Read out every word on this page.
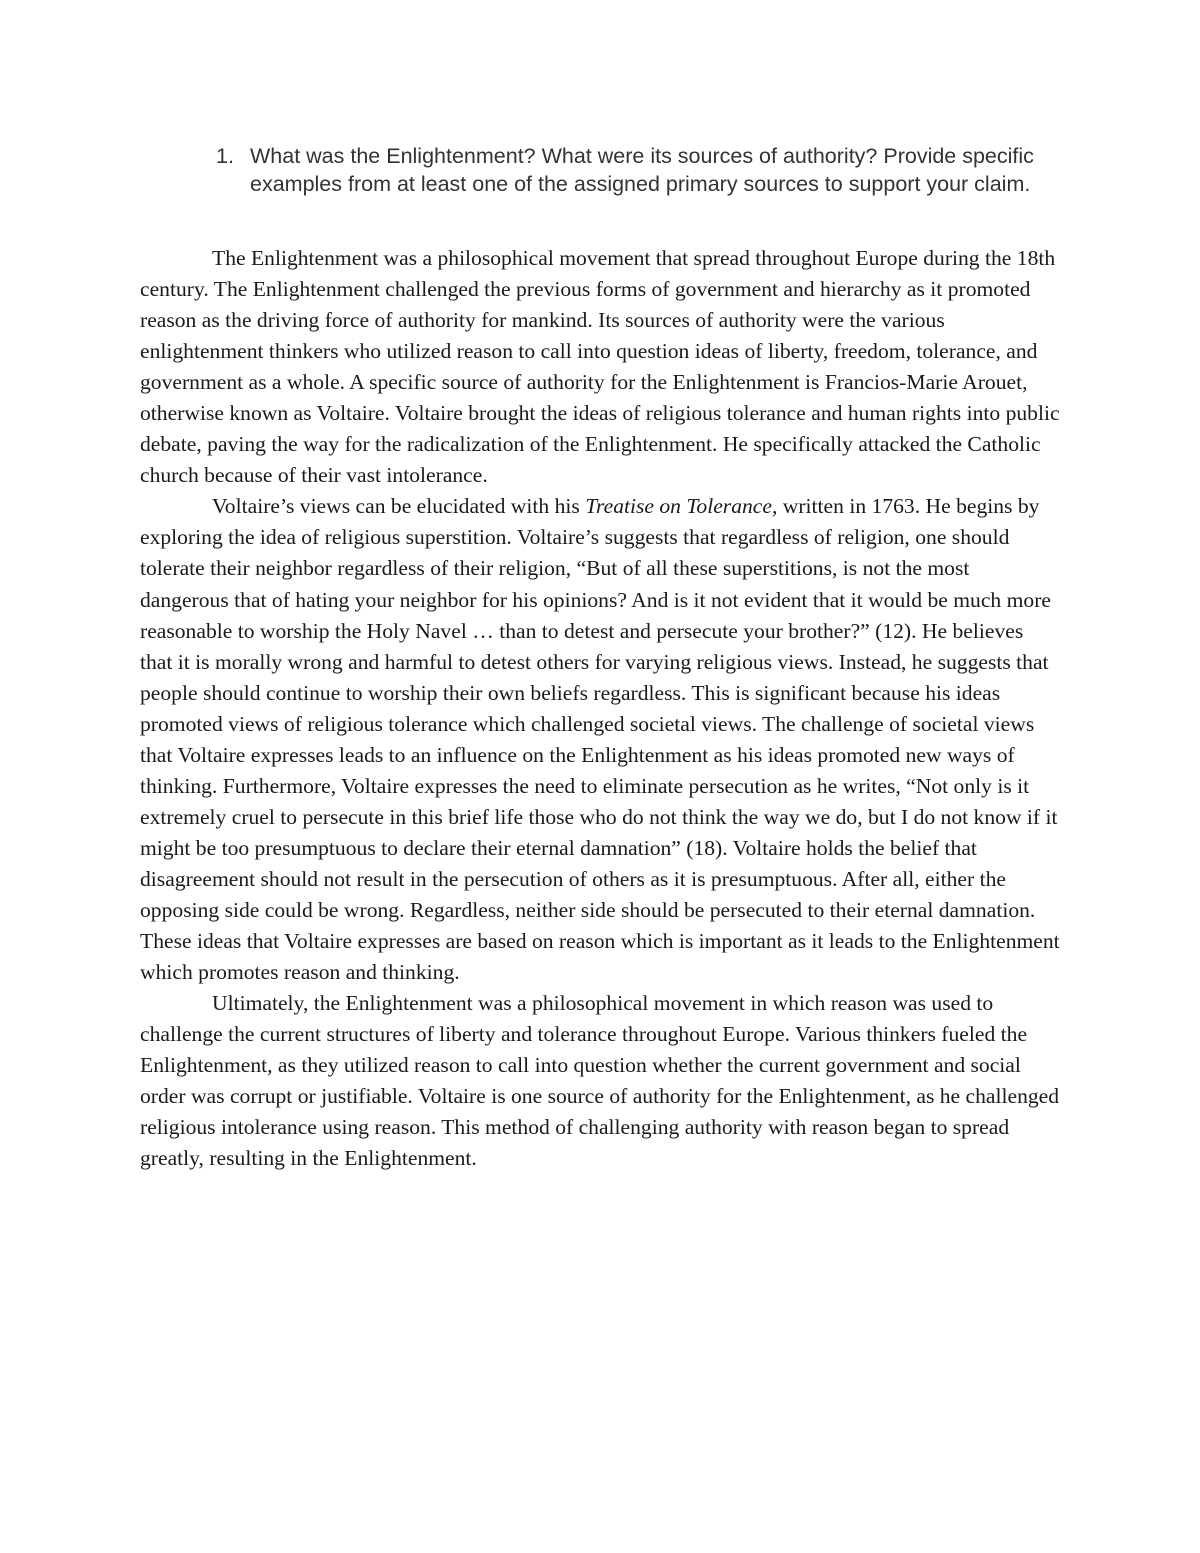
1. What was the Enlightenment? What were its sources of authority? Provide specific examples from at least one of the assigned primary sources to support your claim.

The Enlightenment was a philosophical movement that spread throughout Europe during the 18th century. The Enlightenment challenged the previous forms of government and hierarchy as it promoted reason as the driving force of authority for mankind. Its sources of authority were the various enlightenment thinkers who utilized reason to call into question ideas of liberty, freedom, tolerance, and government as a whole. A specific source of authority for the Enlightenment is Francios-Marie Arouet, otherwise known as Voltaire. Voltaire brought the ideas of religious tolerance and human rights into public debate, paving the way for the radicalization of the Enlightenment. He specifically attacked the Catholic church because of their vast intolerance.

Voltaire’s views can be elucidated with his Treatise on Tolerance, written in 1763. He begins by exploring the idea of religious superstition. Voltaire’s suggests that regardless of religion, one should tolerate their neighbor regardless of their religion, “But of all these superstitions, is not the most dangerous that of hating your neighbor for his opinions? And is it not evident that it would be much more reasonable to worship the Holy Navel … than to detest and persecute your brother?” (12). He believes that it is morally wrong and harmful to detest others for varying religious views. Instead, he suggests that people should continue to worship their own beliefs regardless. This is significant because his ideas promoted views of religious tolerance which challenged societal views. The challenge of societal views that Voltaire expresses leads to an influence on the Enlightenment as his ideas promoted new ways of thinking. Furthermore, Voltaire expresses the need to eliminate persecution as he writes, “Not only is it extremely cruel to persecute in this brief life those who do not think the way we do, but I do not know if it might be too presumptuous to declare their eternal damnation” (18). Voltaire holds the belief that disagreement should not result in the persecution of others as it is presumptuous. After all, either the opposing side could be wrong. Regardless, neither side should be persecuted to their eternal damnation. These ideas that Voltaire expresses are based on reason which is important as it leads to the Enlightenment which promotes reason and thinking.

Ultimately, the Enlightenment was a philosophical movement in which reason was used to challenge the current structures of liberty and tolerance throughout Europe. Various thinkers fueled the Enlightenment, as they utilized reason to call into question whether the current government and social order was corrupt or justifiable. Voltaire is one source of authority for the Enlightenment, as he challenged religious intolerance using reason. This method of challenging authority with reason began to spread greatly, resulting in the Enlightenment.
